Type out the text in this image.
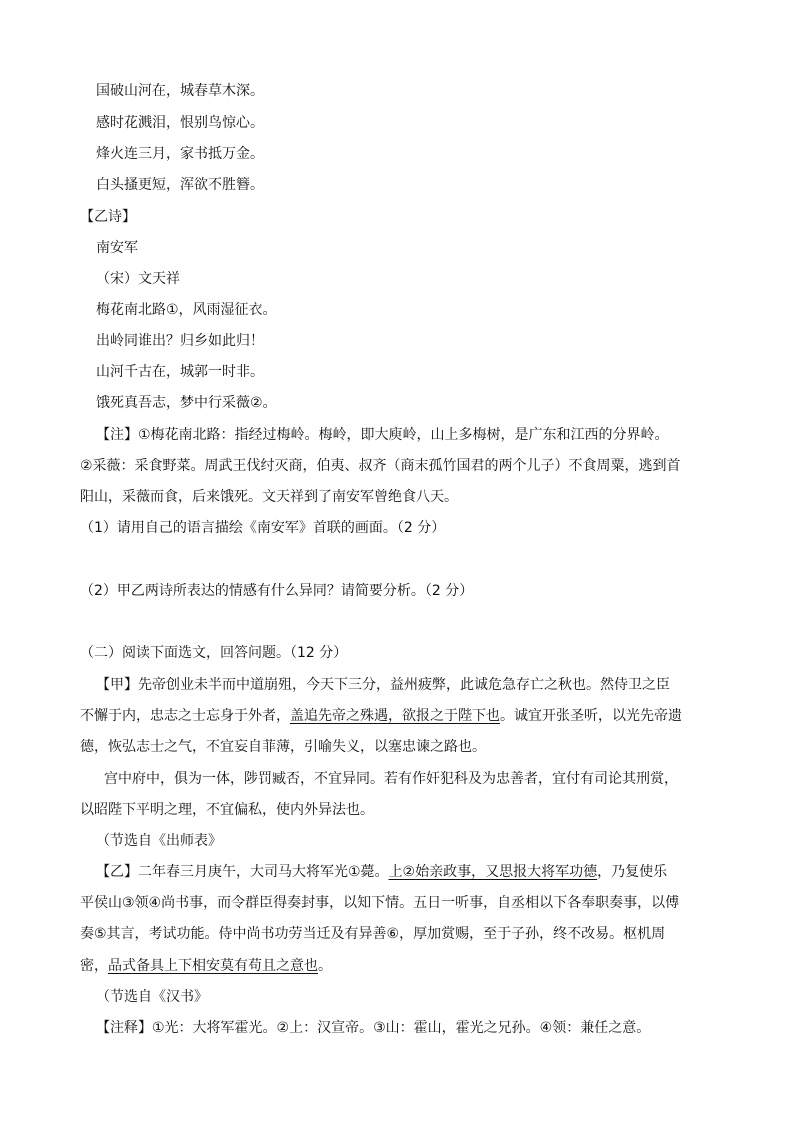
国破山河在，城春草木深。
感时花溅泪，恨别鸟惊心。
烽火连三月，家书抵万金。
白头搔更短，浑欲不胜簪。
【乙诗】
南安军
（宋）文天祥
梅花南北路①，风雨湿征衣。
出岭同谁出？归乡如此归！
山河千古在，城郭一时非。
饿死真吾志，梦中行采薇②。
【注】①梅花南北路：指经过梅岭。梅岭，即大庾岭，山上多梅树，是广东和江西的分界岭。
②采薇：采食野菜。周武王伐纣灭商，伯夷、叔齐（商末孤竹国君的两个儿子）不食周粟，逃到首
阳山，采薇而食，后来饿死。文天祥到了南安军曾绝食八天。
（1）请用自己的语言描绘《南安军》首联的画面。（2 分）
（2）甲乙两诗所表达的情感有什么异同？请简要分析。（2 分）
（二）阅读下面选文，回答问题。（12 分）
【甲】先帝创业未半而中道崩殂，今天下三分，益州疲弊，此诚危急存亡之秋也。然侍卫之臣
不懈于内，忠志之士忘身于外者，盖追先帝之殊遇，欲报之于陛下也。诚宜开张圣听，以光先帝遗
德，恢弘志士之气，不宜妄自菲薄，引喻失义，以塞忠谏之路也。
宫中府中，俱为一体，陟罚臧否，不宜异同。若有作奸犯科及为忠善者，宜付有司论其刑赏，
以昭陛下平明之理，不宜偏私，使内外异法也。
（节选自《出师表》
【乙】二年春三月庚午，大司马大将军光①薨。上②始亲政事，又思报大将军功德，乃复使乐
平侯山③领④尚书事，而令群臣得奏封事，以知下情。五日一听事，自丞相以下各奉职奏事，以傅
奏⑤其言，考试功能。侍中尚书功劳当迁及有异善⑥，厚加赏赐，至于子孙，终不改易。枢机周
密，品式备具上下相安莫有苟且之意也。
（节选自《汉书》
【注释】①光：大将军霍光。②上：汉宣帝。③山：霍山，霍光之兄孙。④领：兼任之意。
